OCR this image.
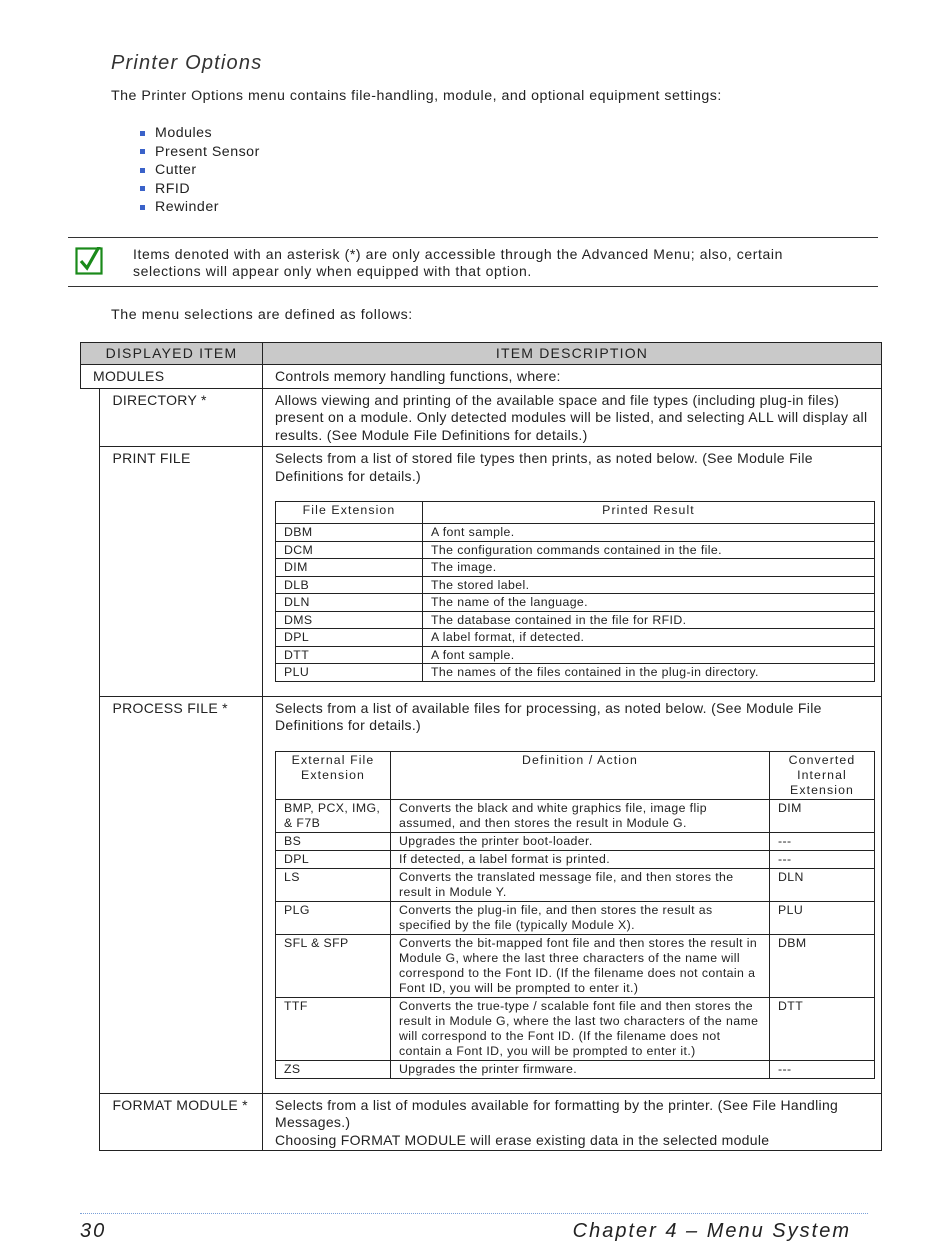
Printer Options

The Printer Options menu contains file-handling, module, and optional equipment settings:

Modules
Present Sensor
Cutter
RFID
Rewinder

Items denoted with an asterisk (*) are only accessible through the Advanced Menu; also, certain selections will appear only when equipped with that option.

The menu selections are defined as follows:

DISPLAYED ITEM	ITEM DESCRIPTION
MODULES	Controls memory handling functions, where:
	DIRECTORY *	Allows viewing and printing of the available space and file types (including plug-in files) present on a module. Only detected modules will be listed, and selecting ALL will display all results. (See Module File Definitions for details.)
	PRINT FILE	Selects from a list of stored file types then prints, as noted below. (See Module File Definitions for details.)
File Extension	Printed Result
DBM	A font sample.
DCM	The configuration commands contained in the file.
DIM	The image.
DLB	The stored label.
DLN	The name of the language.
DMS	The database contained in the file for RFID.
DPL	A label format, if detected.
DTT	A font sample.
PLU	The names of the files contained in the plug-in directory.

	PROCESS FILE *	Selects from a list of available files for processing, as noted below. (See Module File Definitions for details.)
External File Extension	Definition / Action	Converted Internal Extension
BMP, PCX, IMG, & F7B	Converts the black and white graphics file, image flip assumed, and then stores the result in Module G.	DIM
BS	Upgrades the printer boot-loader.	---
DPL	If detected, a label format is printed.	---
LS	Converts the translated message file, and then stores the result in Module Y.	DLN
PLG	Converts the plug-in file, and then stores the result as specified by the file (typically Module X).	PLU
SFL & SFP	Converts the bit-mapped font file and then stores the result in Module G, where the last three characters of the name will correspond to the Font ID. (If the filename does not contain a Font ID, you will be prompted to enter it.)	DBM
TTF	Converts the true-type / scalable font file and then stores the result in Module G, where the last two characters of the name will correspond to the Font ID. (If the filename does not contain a Font ID, you will be prompted to enter it.)	DTT
ZS	Upgrades the printer firmware.	---

	FORMAT MODULE *	Selects from a list of modules available for formatting by the printer. (See File Handling Messages.)
Choosing FORMAT MODULE will erase existing data in the selected module

30	Chapter 4 – Menu System
